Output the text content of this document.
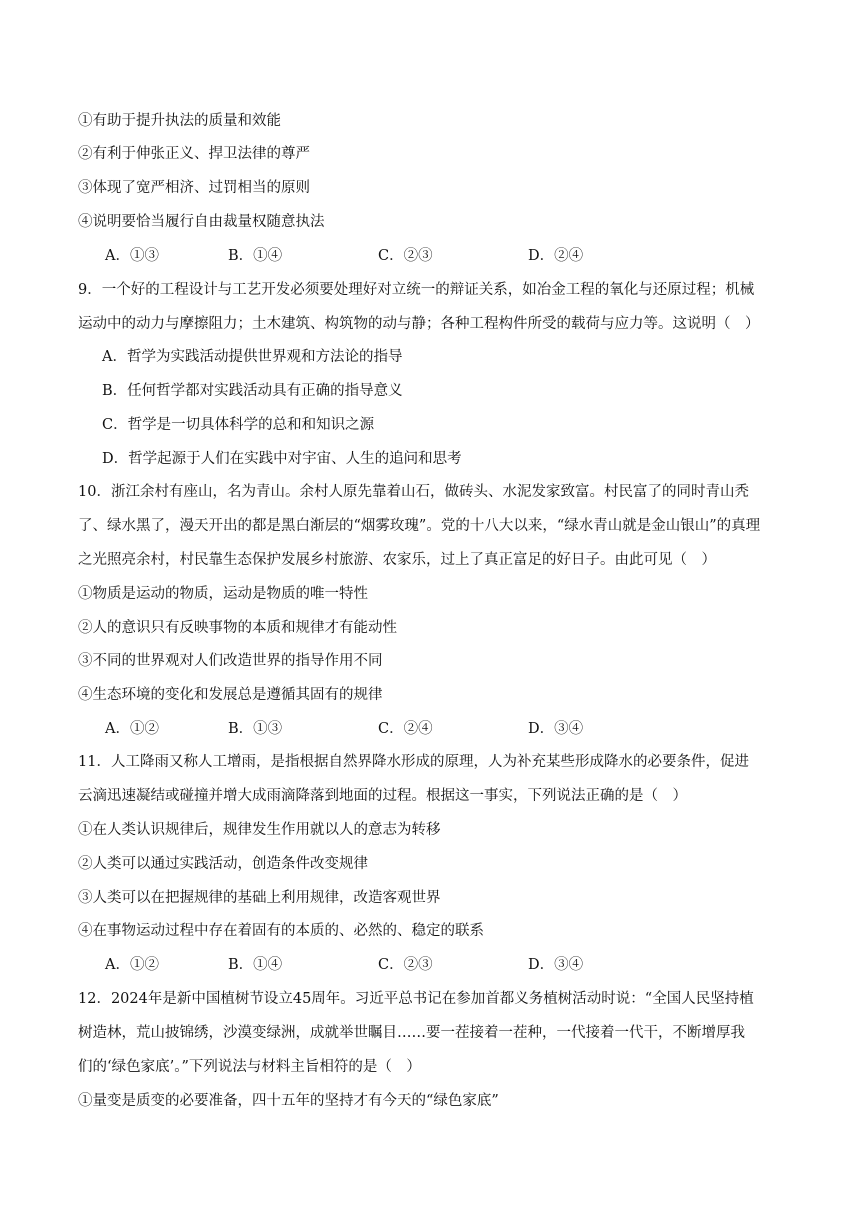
①有助于提升执法的质量和效能
②有利于伸张正义、捍卫法律的尊严
③体现了宽严相济、过罚相当的原则
④说明要恰当履行自由裁量权随意执法
A．①③	B．①④	C．②③	D．②④
9．一个好的工程设计与工艺开发必须要处理好对立统一的辩证关系，如冶金工程的氧化与还原过程；机械
运动中的动力与摩擦阻力；土木建筑、构筑物的动与静；各种工程构件所受的载荷与应力等。这说明（　）
A．哲学为实践活动提供世界观和方法论的指导
B．任何哲学都对实践活动具有正确的指导意义
C．哲学是一切具体科学的总和和知识之源
D．哲学起源于人们在实践中对宇宙、人生的追问和思考
10．浙江余村有座山，名为青山。余村人原先靠着山石，做砖头、水泥发家致富。村民富了的同时青山秃
了、绿水黑了，漫天开出的都是黑白渐层的“烟雾玫瑰”。党的十八大以来，“绿水青山就是金山银山”的真理
之光照亮余村，村民靠生态保护发展乡村旅游、农家乐，过上了真正富足的好日子。由此可见（　）
①物质是运动的物质，运动是物质的唯一特性
②人的意识只有反映事物的本质和规律才有能动性
③不同的世界观对人们改造世界的指导作用不同
④生态环境的变化和发展总是遵循其固有的规律
A．①②	B．①③	C．②④	D．③④
11．人工降雨又称人工增雨，是指根据自然界降水形成的原理，人为补充某些形成降水的必要条件，促进
云滴迅速凝结或碰撞并增大成雨滴降落到地面的过程。根据这一事实，下列说法正确的是（　）
①在人类认识规律后，规律发生作用就以人的意志为转移
②人类可以通过实践活动，创造条件改变规律
③人类可以在把握规律的基础上利用规律，改造客观世界
④在事物运动过程中存在着固有的本质的、必然的、稳定的联系
A．①②	B．①④	C．②③	D．③④
12．2024年是新中国植树节设立45周年。习近平总书记在参加首都义务植树活动时说：“全国人民坚持植
树造林，荒山披锦绣，沙漠变绿洲，成就举世瞩目……要一茬接着一茬种，一代接着一代干，不断增厚我
们的‘绿色家底’。”下列说法与材料主旨相符的是（　）
①量变是质变的必要准备，四十五年的坚持才有今天的“绿色家底”
